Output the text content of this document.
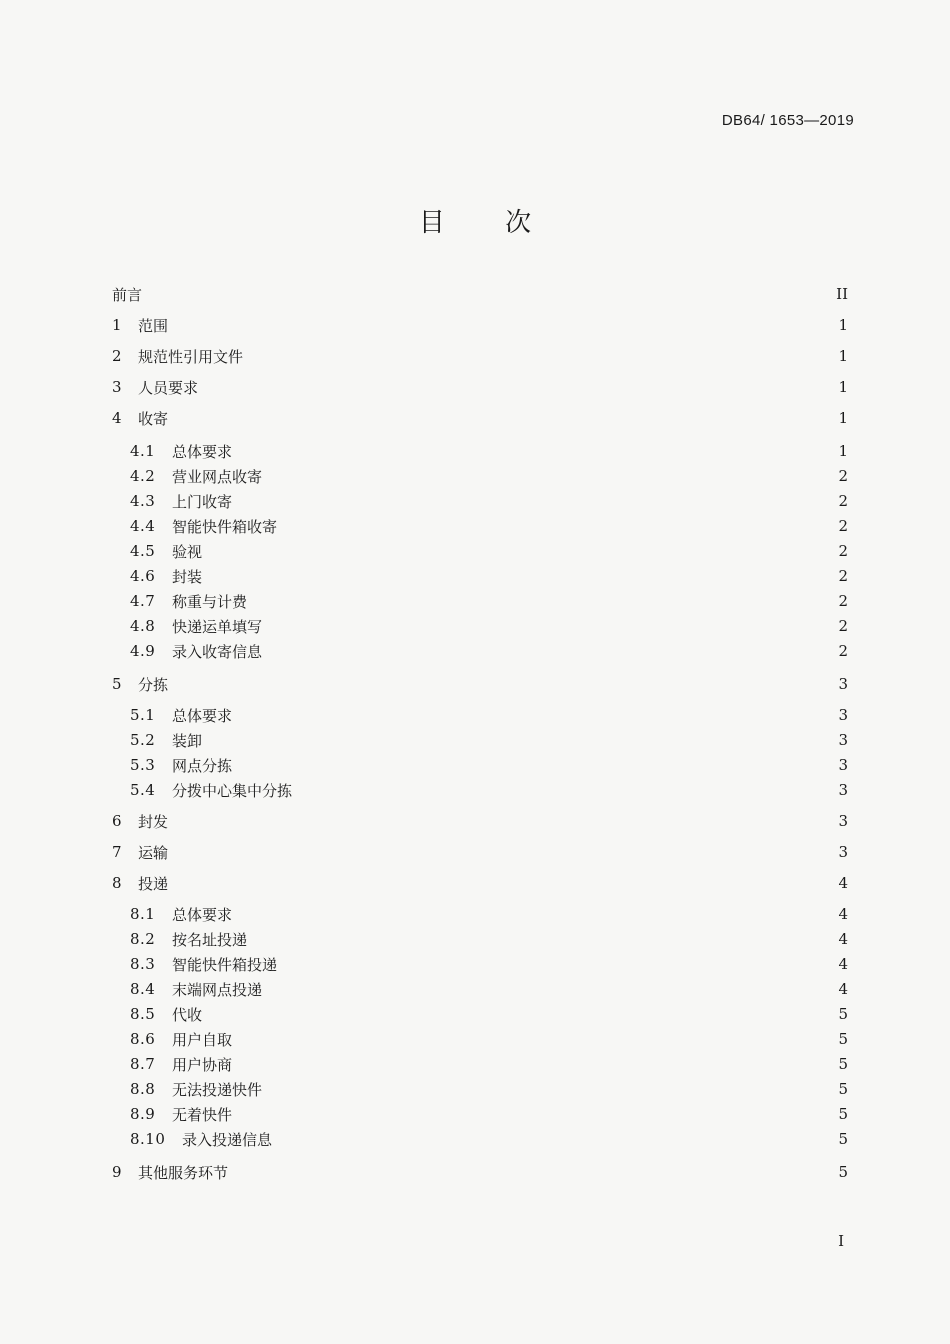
DB64/ 1653—2019
目 次
前言	II
1	范围	1
2	规范性引用文件	1
3	人员要求	1
4	收寄	1
4.1	总体要求	1
4.2	营业网点收寄	2
4.3	上门收寄	2
4.4	智能快件箱收寄	2
4.5	验视	2
4.6	封装	2
4.7	称重与计费	2
4.8	快递运单填写	2
4.9	录入收寄信息	2
5	分拣	3
5.1	总体要求	3
5.2	装卸	3
5.3	网点分拣	3
5.4	分拨中心集中分拣	3
6	封发	3
7	运输	3
8	投递	4
8.1	总体要求	4
8.2	按名址投递	4
8.3	智能快件箱投递	4
8.4	末端网点投递	4
8.5	代收	5
8.6	用户自取	5
8.7	用户协商	5
8.8	无法投递快件	5
8.9	无着快件	5
8.10	录入投递信息	5
9	其他服务环节	5
I
